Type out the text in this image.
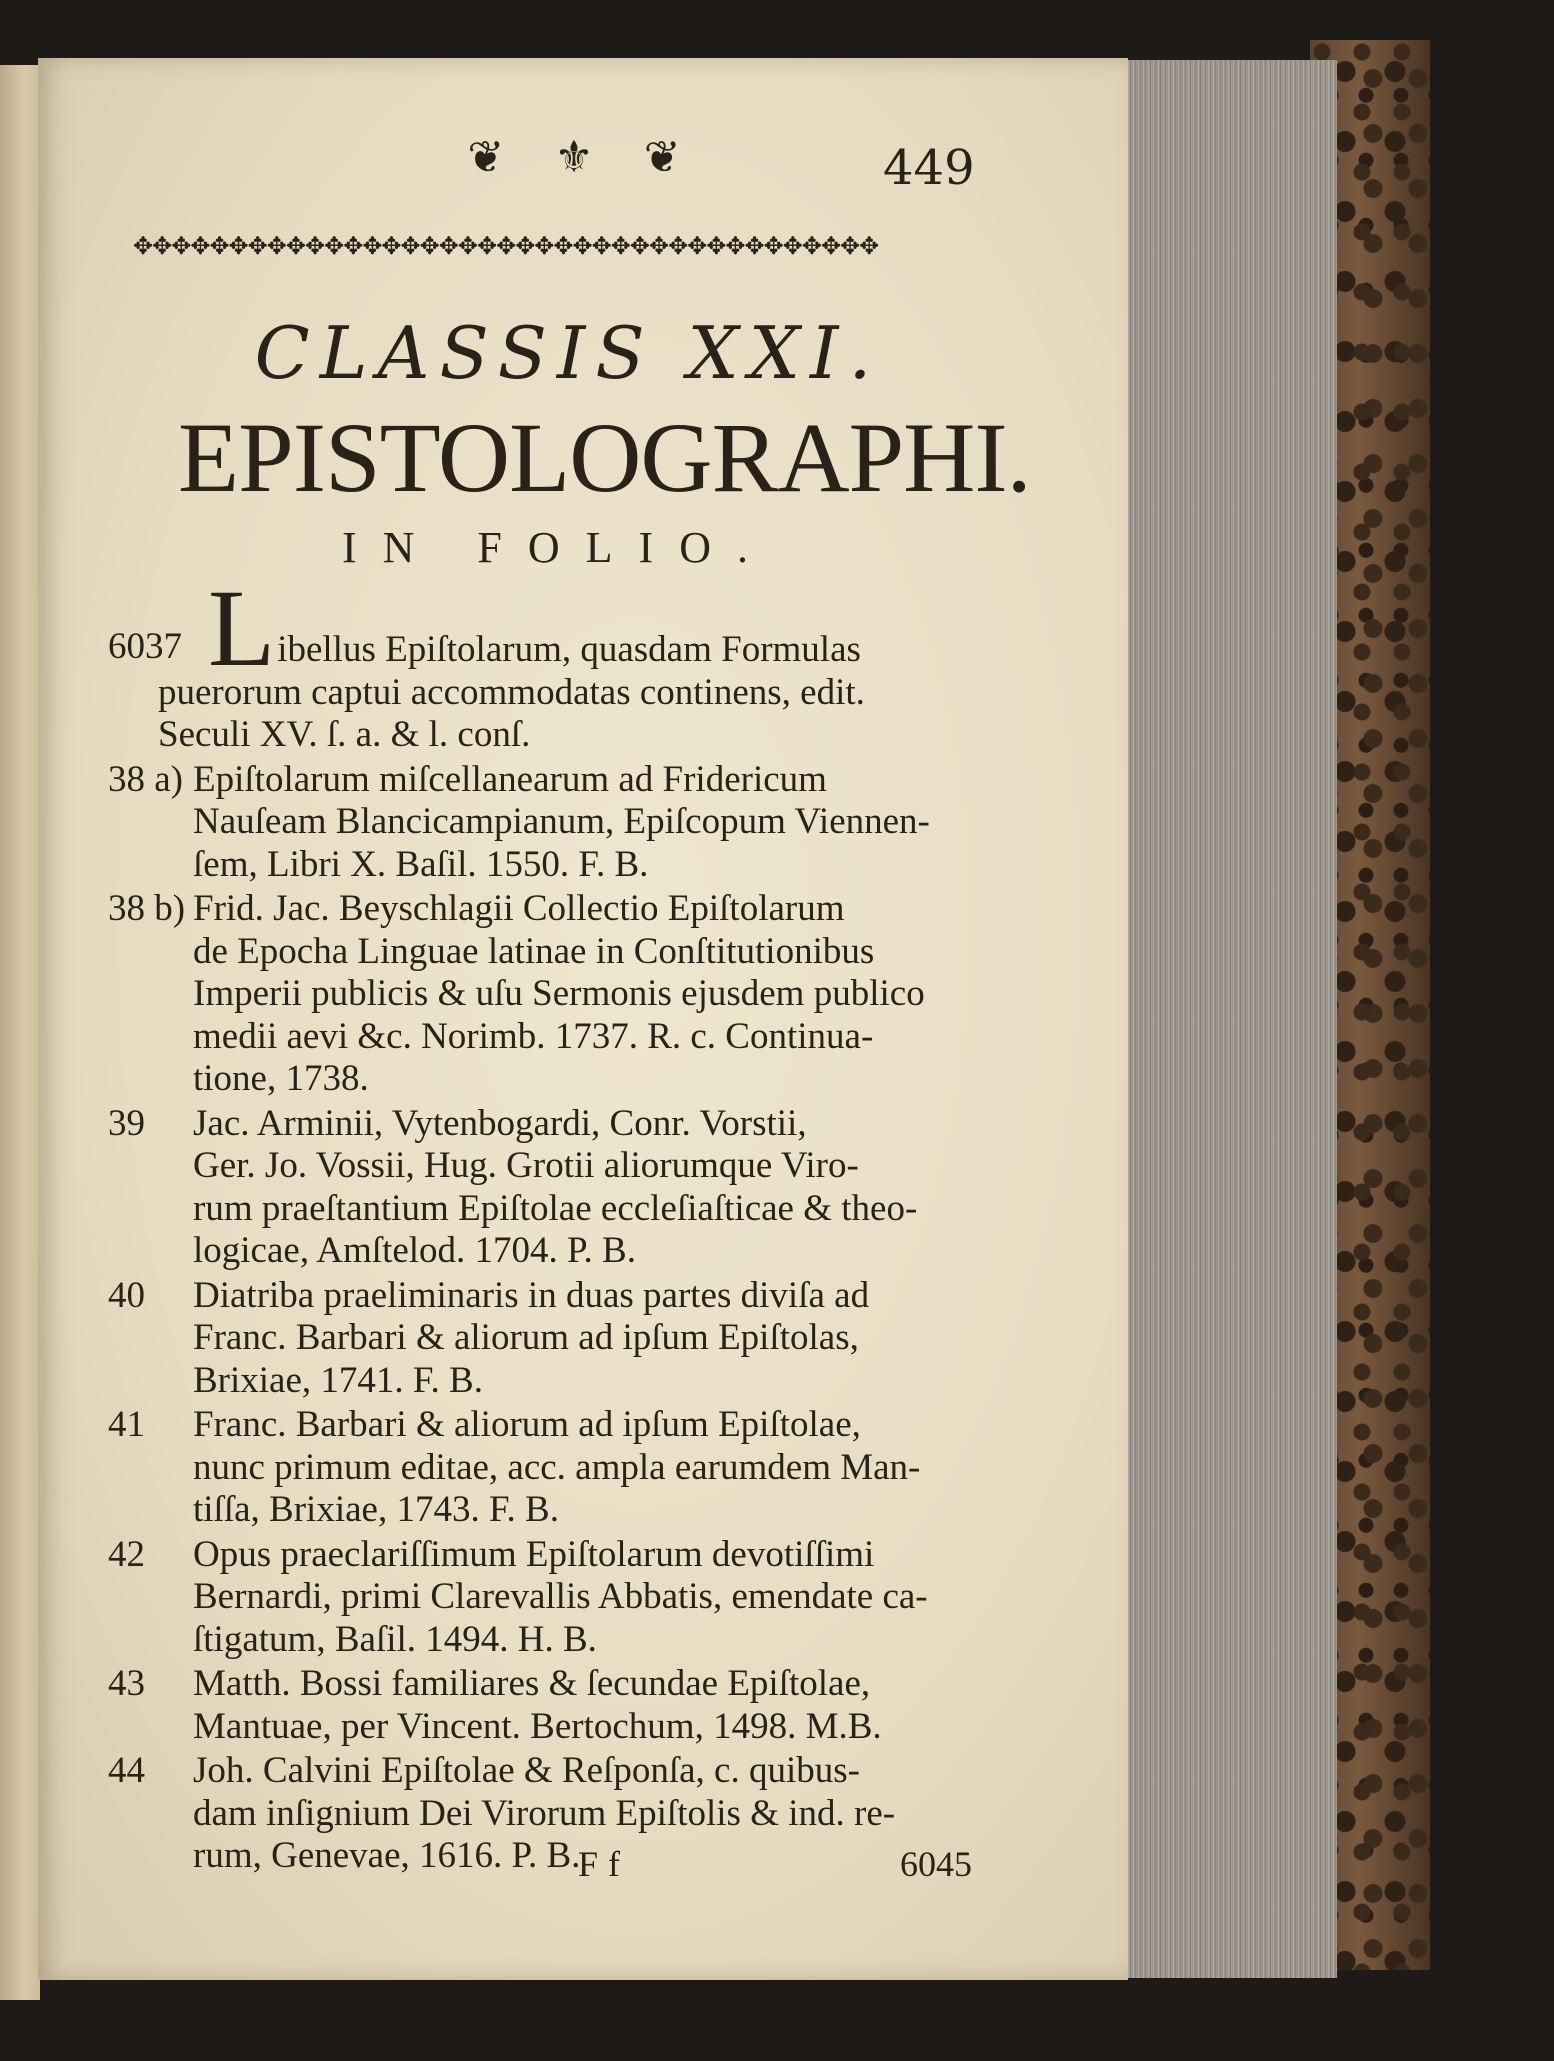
❦ ⚜ ❦	449
✥✥✥✥✥✥✥✥✥✥✥✥✥✥✥✥✥✥✥✥✥✥✥✥✥✥✥✥✥✥✥✥✥✥✥✥✥✥✥
CLASSIS XXI.
EPISTOLOGRAPHI.
IN FOLIO.
6037 Libellus Epiſtolarum, quasdam Formulas
puerorum captui accommodatas continens, edit.
Seculi XV. ſ. a. & l. conſ.
38 a) Epiſtolarum miſcellanearum ad Fridericum
Nauſeam Blancicampianum, Epiſcopum Viennen-
ſem, Libri X. Baſil. 1550. F. B.
38 b) Frid. Jac. Beyschlagii Collectio Epiſtolarum
de Epocha Linguae latinae in Conſtitutionibus
Imperii publicis & uſu Sermonis ejusdem publico
medii aevi &c. Norimb. 1737. R. c. Continua-
tione, 1738.
39 Jac. Arminii, Vytenbogardi, Conr. Vorstii,
Ger. Jo. Vossii, Hug. Grotii aliorumque Viro-
rum praeſtantium Epiſtolae eccleſiaſticae & theo-
logicae, Amſtelod. 1704. P. B.
40 Diatriba praeliminaris in duas partes diviſa ad
Franc. Barbari & aliorum ad ipſum Epiſtolas,
Brixiae, 1741. F. B.
41 Franc. Barbari & aliorum ad ipſum Epiſtolae,
nunc primum editae, acc. ampla earumdem Man-
tiſſa, Brixiae, 1743. F. B.
42 Opus praeclariſſimum Epiſtolarum devotiſſimi
Bernardi, primi Clarevallis Abbatis, emendate ca-
ſtigatum, Baſil. 1494. H. B.
43 Matth. Bossi familiares & ſecundae Epiſtolae,
Mantuae, per Vincent. Bertochum, 1498. M.B.
44 Joh. Calvini Epiſtolae & Reſponſa, c. quibus-
dam inſignium Dei Virorum Epiſtolis & ind. re-
rum, Genevae, 1616. P. B.
Ff	6045
